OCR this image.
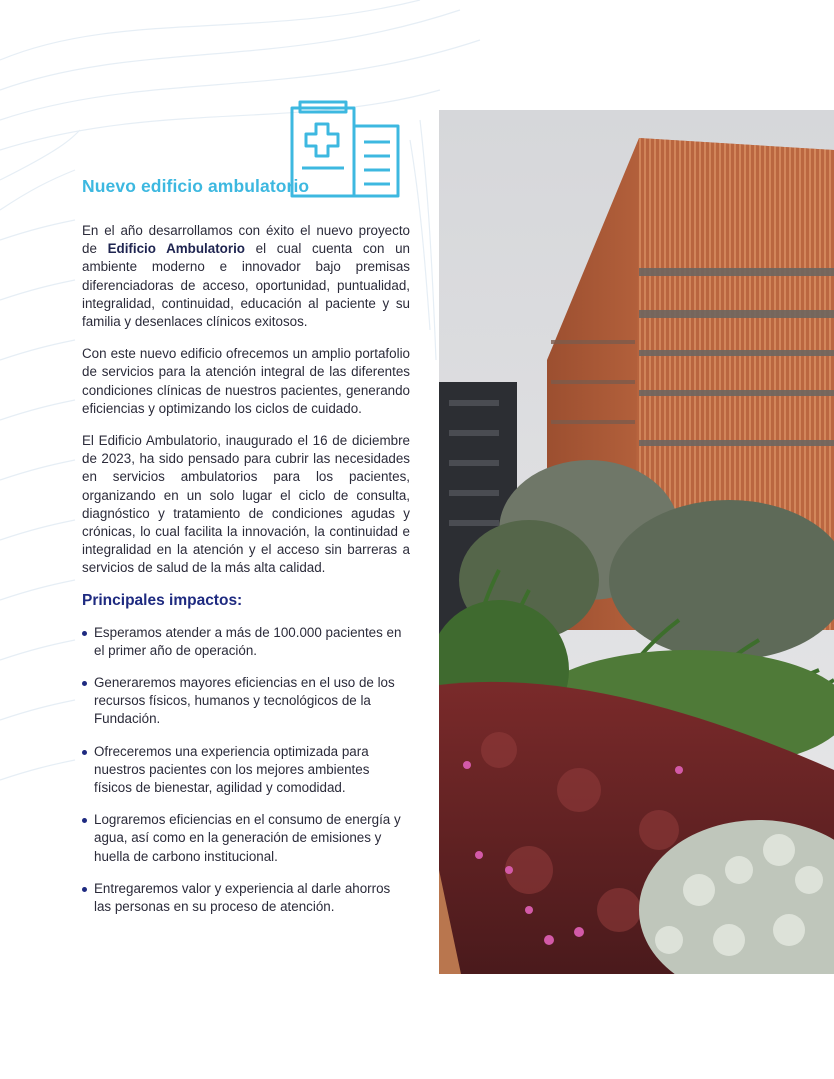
Nuevo edificio ambulatorio

En el año desarrollamos con éxito el nuevo proyecto de Edificio Ambulatorio el cual cuenta con un ambiente moderno e innovador bajo premisas diferenciadoras de acceso, oportunidad, puntualidad, integralidad, continuidad, educación al paciente y su familia y desenlaces clínicos exitosos.

Con este nuevo edificio ofrecemos un amplio portafolio de servicios para la atención integral de las diferentes condiciones clínicas de nuestros pacientes, generando eficiencias y optimizando los ciclos de cuidado.

El Edificio Ambulatorio, inaugurado el 16 de diciembre de 2023, ha sido pensado para cubrir las necesidades en servicios ambulatorios para los pacientes, organizando en un solo lugar el ciclo de consulta, diagnóstico y tratamiento de condiciones agudas y crónicas, lo cual facilita la innovación, la continuidad e integralidad en la atención y el acceso sin barreras a servicios de salud de la más alta calidad.

Principales impactos:
Esperamos atender a más de 100.000 pacientes en el primer año de operación.
Generaremos mayores eficiencias en el uso de los recursos físicos, humanos y tecnológicos de la Fundación.
Ofreceremos una experiencia optimizada para nuestros pacientes con los mejores ambientes físicos de bienestar, agilidad y comodidad.
Lograremos eficiencias en el consumo de energía y agua, así como en la generación de emisiones y huella de carbono institucional.
Entregaremos valor y experiencia al darle ahorros las personas en su proceso de atención.
